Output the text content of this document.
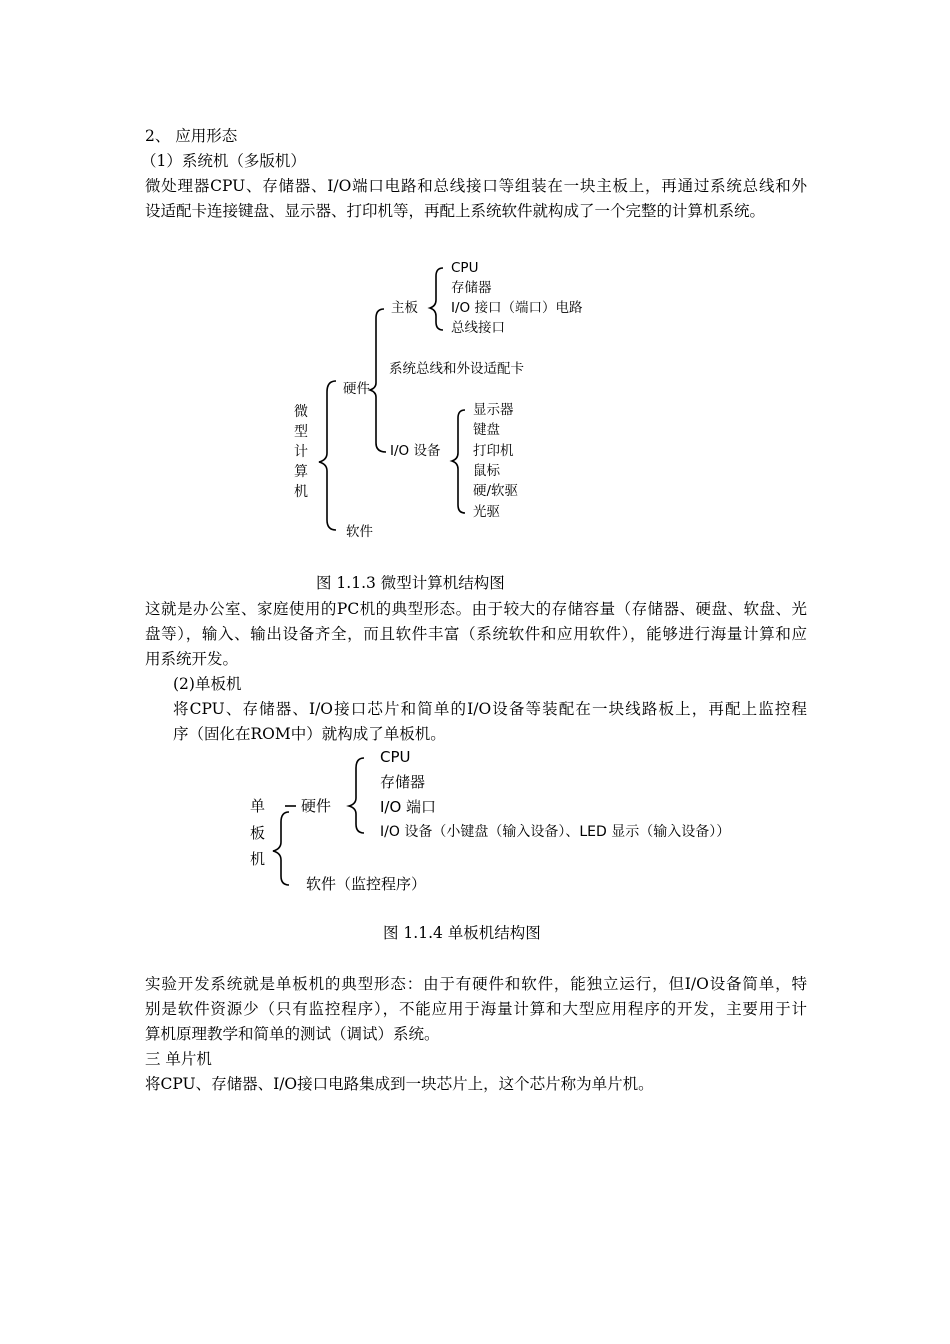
2、 应用形态
（1）系统机（多版机）
微处理器CPU、存储器、I/O端口电路和总线接口等组装在一块主板上，再通过系统总线和外
设适配卡连接键盘、显示器、打印机等，再配上系统软件就构成了一个完整的计算机系统。
微
型
计
算
机
硬件
软件
主板
CPU
存储器
I/O 接口（端口）电路
总线接口
系统总线和外设适配卡
I/O 设备
显示器
键盘
打印机
鼠标
硬/软驱
光驱
图 1.1.3 微型计算机结构图
这就是办公室、家庭使用的PC机的典型形态。由于较大的存储容量（存储器、硬盘、软盘、光
盘等），输入、输出设备齐全，而且软件丰富（系统软件和应用软件），能够进行海量计算和应
用系统开发。
(2)单板机
将CPU、存储器、I/O接口芯片和简单的I/O设备等装配在一块线路板上，再配上监控程
序（固化在ROM中）就构成了单板机。
单
板
机
硬件
CPU
存储器
I/O 端口
I/O 设备（小键盘（输入设备）、LED 显示（输入设备））
软件（监控程序）
图 1.1.4 单板机结构图
实验开发系统就是单板机的典型形态：由于有硬件和软件，能独立运行，但I/O设备简单，特
别是软件资源少（只有监控程序），不能应用于海量计算和大型应用程序的开发，主要用于计
算机原理教学和简单的测试（调试）系统。
三 单片机
将CPU、存储器、I/O接口电路集成到一块芯片上，这个芯片称为单片机。
